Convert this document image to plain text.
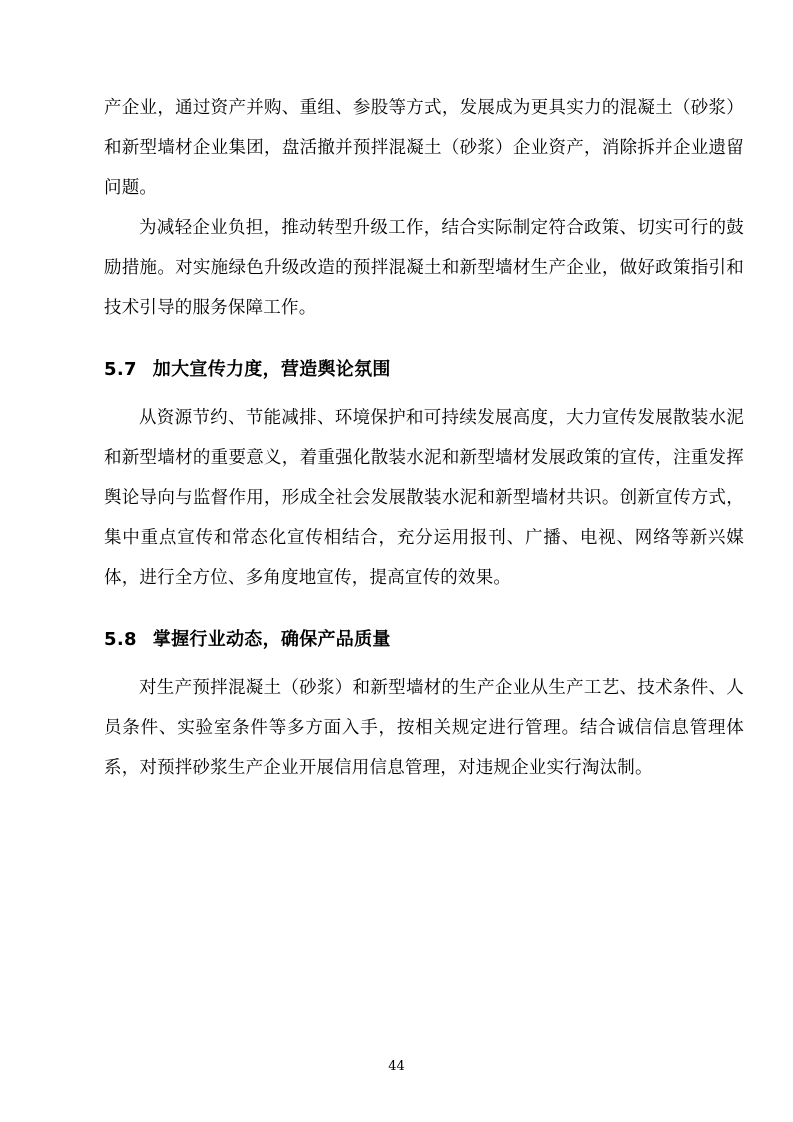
产企业，通过资产并购、重组、参股等方式，发展成为更具实力的混凝土（砂浆）和新型墙材企业集团，盘活撤并预拌混凝土（砂浆）企业资产，消除拆并企业遗留问题。

为减轻企业负担，推动转型升级工作，结合实际制定符合政策、切实可行的鼓励措施。对实施绿色升级改造的预拌混凝土和新型墙材生产企业，做好政策指引和技术引导的服务保障工作。

5.7 加大宣传力度，营造舆论氛围

从资源节约、节能减排、环境保护和可持续发展高度，大力宣传发展散装水泥和新型墙材的重要意义，着重强化散装水泥和新型墙材发展政策的宣传，注重发挥舆论导向与监督作用，形成全社会发展散装水泥和新型墙材共识。创新宣传方式，集中重点宣传和常态化宣传相结合，充分运用报刊、广播、电视、网络等新兴媒体，进行全方位、多角度地宣传，提高宣传的效果。

5.8 掌握行业动态，确保产品质量

对生产预拌混凝土（砂浆）和新型墙材的生产企业从生产工艺、技术条件、人员条件、实验室条件等多方面入手，按相关规定进行管理。结合诚信信息管理体系，对预拌砂浆生产企业开展信用信息管理，对违规企业实行淘汰制。

44
